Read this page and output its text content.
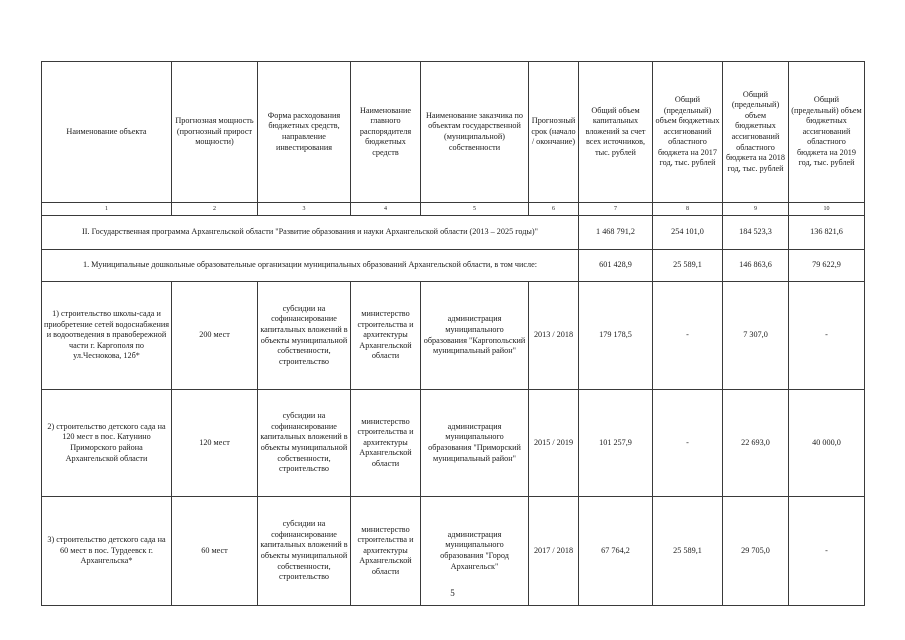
Наименование объекта	Прогнозная мощность (прогнозный прирост мощности)	Форма расходования бюджетных средств, направление инвестирования	Наименование главного распорядителя бюджетных средств	Наименование заказчика по объектам государственной (муниципальной) собственности	Прогнозный срок (начало / окончание)	Общий объем капитальных вложений за счет всех источников, тыс. рублей	Общий (предельный) объем бюджетных ассигнований областного бюджета на 2017 год, тыс. рублей	Общий (предельный) объем бюджетных ассигнований областного бюджета на 2018 год, тыс. рублей	Общий (предельный) объем бюджетных ассигнований областного бюджета на 2019 год, тыс. рублей
1	2	3	4	5	6	7	8	9	10
II. Государственная программа Архангельской области "Развитие образования и науки Архангельской области (2013 – 2025 годы)"						1 468 791,2	254 101,0	184 523,3	136 821,6
1. Муниципальные дошкольные образовательные организации муниципальных образований Архангельской области, в том числе:						601 428,9	25 589,1	146 863,6	79 622,9
1) строительство школы-сада и приобретение сетей водоснабжения и водоотведения в правобережной части г. Каргополя по ул.Чеснокова, 12б*	200 мест	субсидии на софинансирование капитальных вложений в объекты муниципальной собственности, строительство	министерство строительства и архитектуры Архангельской области	администрация муниципального образования "Каргопольский муниципальный район"	2013 / 2018	179 178,5	-	7 307,0	-
2) строительство детского сада на 120 мест в пос. Катунино Приморского района Архангельской области	120 мест	субсидии на софинансирование капитальных вложений в объекты муниципальной собственности, строительство	министерство строительства и архитектуры Архангельской области	администрация муниципального образования "Приморский муниципальный район"	2015 / 2019	101 257,9	-	22 693,0	40 000,0
3) строительство детского сада на 60 мест в пос. Турдеевск г. Архангельска*	60 мест	субсидии на софинансирование капитальных вложений в объекты муниципальной собственности, строительство	министерство строительства и архитектуры Архангельской области	администрация муниципального образования "Город Архангельск"	2017 / 2018	67 764,2	25 589,1	29 705,0	-
5
